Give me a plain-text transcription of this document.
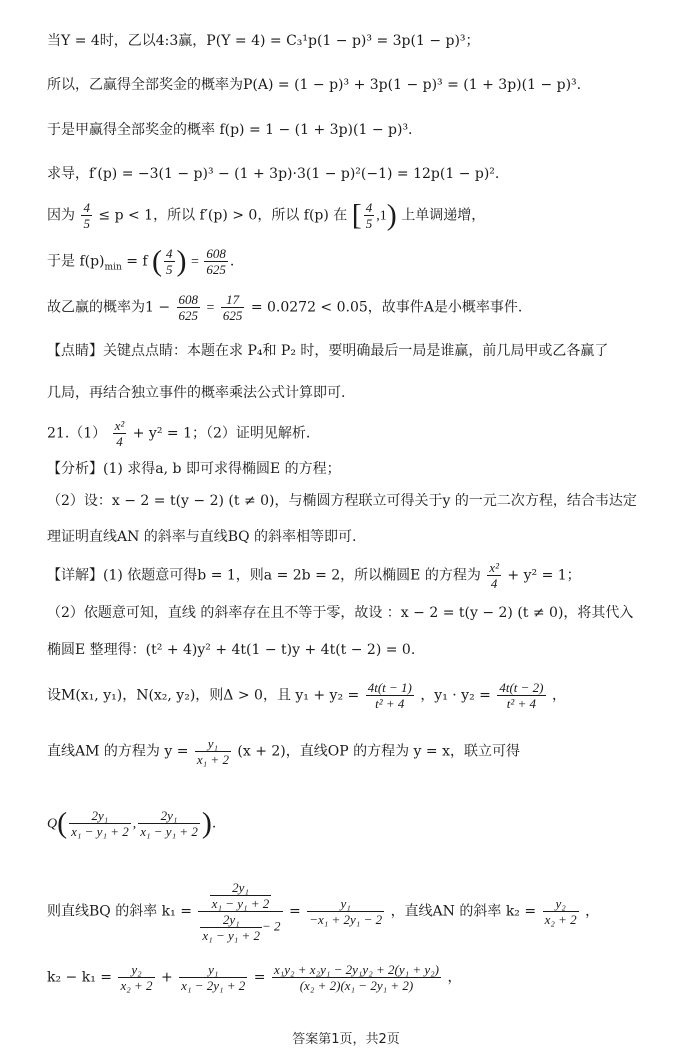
当Y = 4时，乙以4:3赢，P(Y = 4) = C₃¹p(1 − p)³ = 3p(1 − p)³；
所以，乙赢得全部奖金的概率为P(A) = (1 − p)³ + 3p(1 − p)³ = (1 + 3p)(1 − p)³.
于是甲赢得全部奖金的概率 f(p) = 1 − (1 + 3p)(1 − p)³.
求导，f′(p) = −3(1 − p)³ − (1 + 3p)·3(1 − p)²(−1) = 12p(1 − p)².
因为 $\frac{4}{5} \le p < 1$，所以 f′(p) > 0，所以 f(p) 在 [ $\frac{4}{5} ,1$) 上单调递增，
于是 $f(p)_{min} = f$ ( $\frac{4}{5}$ ) = $\frac{608}{625}$ .
故乙赢的概率为$1 - \frac{608}{625} = \frac{17}{625} = 0.0272 < 0.05$，故事件A是小概率事件.
【点睛】关键点点睛：本题在求 P₄和 P₂ 时，要明确最后一局是谁赢，前几局甲或乙各赢了
几局，再结合独立事件的概率乘法公式计算即可.
$21.(1) \frac{\text{x²}}{4} + y^2 = 1$；（2）证明见解析.
【分析】(1) 求得a, b 即可求得椭圆E 的方程；
（2）设：x − 2 = t(y − 2) (t ≠ 0)，与椭圆方程联立可得关于y 的一元二次方程，结合韦达定
理证明直线AN 的斜率与直线BQ 的斜率相等即可.
【详解】(1) 依题意可得b = 1，则a = 2b = 2，所以椭圆E 的方程为 $\frac{\text{x²}}{4} + y^2 = 1$；
（2）依题意可知，直线 的斜率存在且不等于零，故设 ：x − 2 = t(y − 2) (t ≠ 0)，将其代入
椭圆E 整理得：(t² + 4)y² + 4t(1 − t)y + 4t(t − 2) = 0.
设M(x₁, y₁)，N(x₂, y₂)，则Δ > 0，且 $y_1 + y_2 = \frac{4t(t - 1)}{\text{t² + 4}}$ ，$y_1 \cdot y_2 = \frac{4t(t - 2)}{\text{t² + 4}}$ ，
直线AM 的方程为 $y = \frac{\text{y₁}}{\text{x₁ + 2}} (x + 2)$，直线OP 的方程为 y = x，联立可得
$Q( \frac{\text{2y₁}}{\text{x₁ − y₁ + 2}}$ , $\frac{\text{2y₁}}{\text{x₁ − y₁ + 2}}$ ).
则直线BQ 的斜率 $k_1 = \frac{\frac{\text{2y₁}}{\text{x₁ − y₁ + 2}}}{\frac{\text{2y₁}}{\text{x₁ − y₁ + 2}} - 2} = \frac{\text{y₁}}{\text{−x₁ + 2y₁ − 2}}$ ，直线AN 的斜率 $k_2 = \frac{\text{y₂}}{\text{x₂ + 2}}$ ，
$k_2 - k_1 = \frac{\text{y₂}}{\text{x₂ + 2}} + \frac{\text{y₁}}{\text{x₁ − 2y₁ + 2}} = \frac{\text{x₁y₂ + x₂y₁ − 2y₁y₂ + 2(y₁ + y₂)}}{\text{(x₂ + 2)(x₁ − 2y₁ + 2)}}$ ，
答案第1页，共2页
